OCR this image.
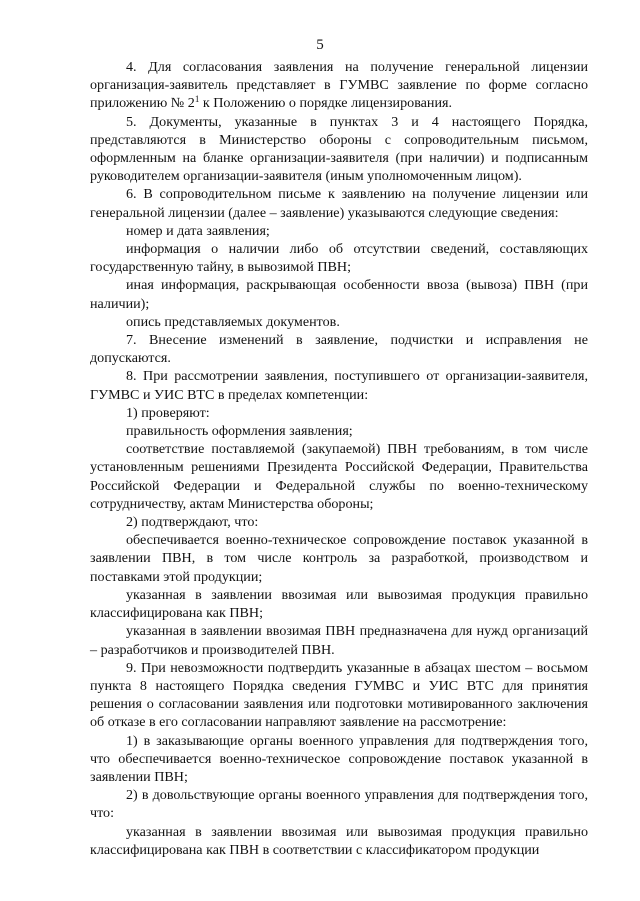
5

4. Для согласования заявления на получение генеральной лицензии организация-заявитель представляет в ГУМВС заявление по форме согласно приложению № $2^1$ к Положению о порядке лицензирования.

5. Документы, указанные в пунктах 3 и 4 настоящего Порядка, представляются в Министерство обороны с сопроводительным письмом, оформленным на бланке организации-заявителя (при наличии) и подписанным руководителем организации-заявителя (иным уполномоченным лицом).

6. В сопроводительном письме к заявлению на получение лицензии или генеральной лицензии (далее – заявление) указываются следующие сведения:

номер и дата заявления;

информация о наличии либо об отсутствии сведений, составляющих государственную тайну, в вывозимой ПВН;

иная информация, раскрывающая особенности ввоза (вывоза) ПВН (при наличии);

опись представляемых документов.

7. Внесение изменений в заявление, подчистки и исправления не допускаются.

8. При рассмотрении заявления, поступившего от организации-заявителя, ГУМВС и УИС ВТС в пределах компетенции:

1) проверяют:

правильность оформления заявления;

соответствие поставляемой (закупаемой) ПВН требованиям, в том числе установленным решениями Президента Российской Федерации, Правительства Российской Федерации и Федеральной службы по военно-техническому сотрудничеству, актам Министерства обороны;

2) подтверждают, что:

обеспечивается военно-техническое сопровождение поставок указанной в заявлении ПВН, в том числе контроль за разработкой, производством и поставками этой продукции;

указанная в заявлении ввозимая или вывозимая продукция правильно классифицирована как ПВН;

указанная в заявлении ввозимая ПВН предназначена для нужд организаций – разработчиков и производителей ПВН.

9. При невозможности подтвердить указанные в абзацах шестом – восьмом пункта 8 настоящего Порядка сведения ГУМВС и УИС ВТС для принятия решения о согласовании заявления или подготовки мотивированного заключения об отказе в его согласовании направляют заявление на рассмотрение:

1) в заказывающие органы военного управления для подтверждения того, что обеспечивается военно-техническое сопровождение поставок указанной в заявлении ПВН;

2) в довольствующие органы военного управления для подтверждения того, что:

указанная в заявлении ввозимая или вывозимая продукция правильно классифицирована как ПВН в соответствии с классификатором продукции
